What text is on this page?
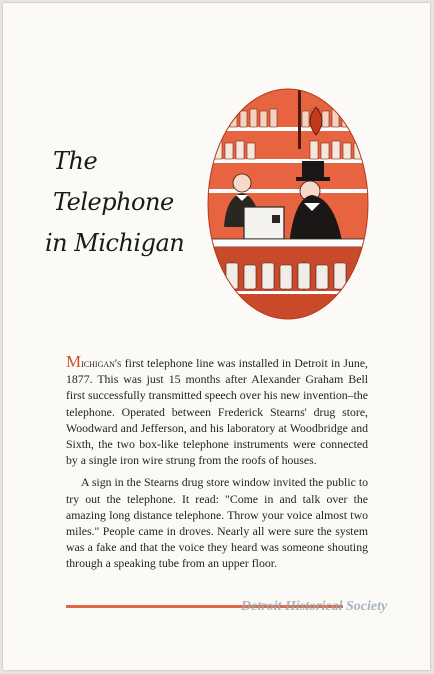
The
Telephone
in Michigan

Michigan's first telephone line was installed in Detroit in June, 1877. This was just 15 months after Alexander Graham Bell first successfully transmitted speech over his new invention–the telephone. Operated between Frederick Stearns' drug store, Woodward and Jefferson, and his laboratory at Woodbridge and Sixth, the two box-like telephone instruments were connected by a single iron wire strung from the roofs of houses.

A sign in the Stearns drug store window invited the public to try out the telephone. It read: "Come in and talk over the amazing long distance telephone. Throw your voice almost two miles." People came in droves. Nearly all were sure the system was a fake and that the voice they heard was someone shouting through a speaking tube from an upper floor.

Detroit Historical Society
